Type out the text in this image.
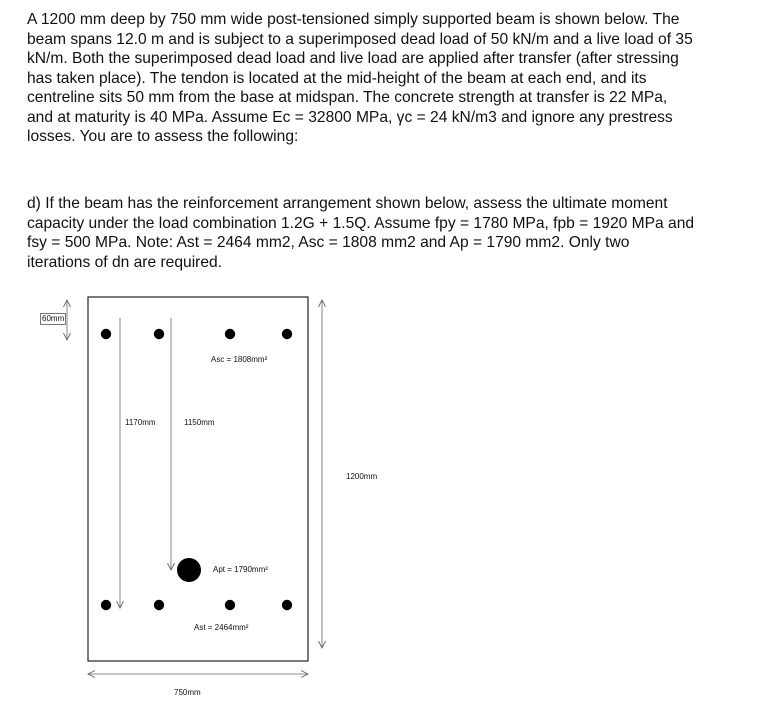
A 1200 mm deep by 750 mm wide post-tensioned simply supported beam is shown below. The
beam spans 12.0 m and is subject to a superimposed dead load of 50 kN/m and a live load of 35
kN/m. Both the superimposed dead load and live load are applied after transfer (after stressing
has taken place). The tendon is located at the mid-height of the beam at each end, and its
centreline sits 50 mm from the base at midspan. The concrete strength at transfer is 22 MPa,
and at maturity is 40 MPa. Assume Ec = 32800 MPa, γc = 24 kN/m3 and ignore any prestress
losses. You are to assess the following:
d) If the beam has the reinforcement arrangement shown below, assess the ultimate moment
capacity under the load combination 1.2G + 1.5Q. Assume fpy = 1780 MPa, fpb = 1920 MPa and
fsy = 500 MPa. Note: Ast = 2464 mm2, Asc = 1808 mm2 and Ap = 1790 mm2. Only two
iterations of dn are required.
60mm
Asc = 1808mm²
1170mm	1150mm
1200mm
Apt = 1790mm²
Ast = 2464mm²
750mm
